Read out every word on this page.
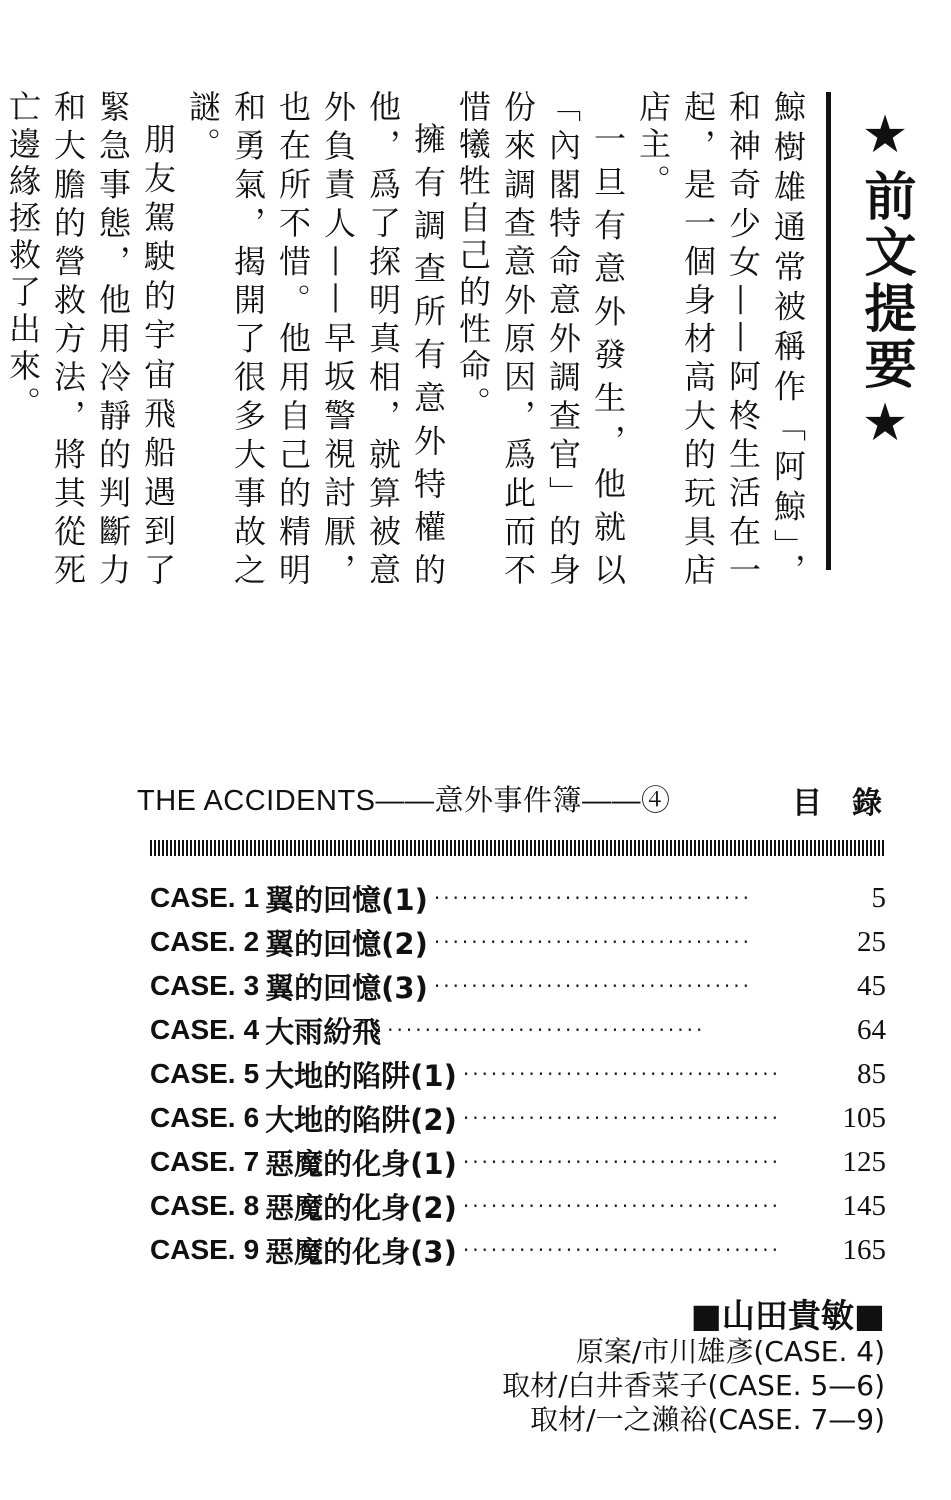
★前文提要★

鯨樹雄通常被稱作「阿鯨」，和神奇少女——阿柊生活在一起，是一個身材高大的玩具店店主。

一旦有意外發生，他就以「內閣特命意外調查官」的身份來調查意外原因，爲此而不惜犧牲自己的性命。

擁有調查所有意外特權的他，爲了探明真相，就算被意外負責人——早坂警視討厭，也在所不惜。他用自己的精明和勇氣，揭開了很多大事故之謎。

朋友駕駛的宇宙飛船遇到了緊急事態，他用冷靜的判斷力和大膽的營救方法，將其從死亡邊緣拯救了出來。

THE ACCIDENTS——意外事件簿——④	目錄
CASE. 1 翼的回憶(1) ··································	5
CASE. 2 翼的回憶(2) ··································	25
CASE. 3 翼的回憶(3) ··································	45
CASE. 4 大雨紛飛 ··································	64
CASE. 5 大地的陷阱(1) ··································	85
CASE. 6 大地的陷阱(2) ··································	105
CASE. 7 惡魔的化身(1) ··································	125
CASE. 8 惡魔的化身(2) ··································	145
CASE. 9 惡魔的化身(3) ··································	165
■山田貴敏■
原案/市川雄彥(CASE. 4)
取材/白井香菜子(CASE. 5—6)
取材/一之瀨裕(CASE. 7—9)
